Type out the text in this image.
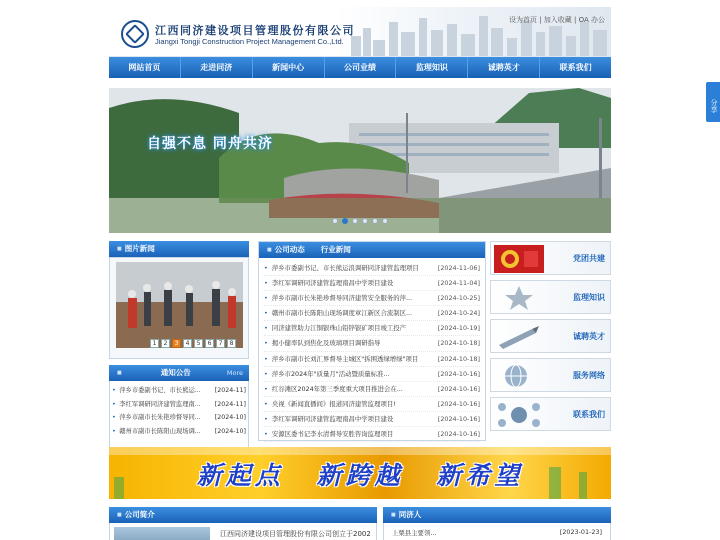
江西同济建设项目管理股份有限公司
Jiangxi Tongji Construction Project Management Co.,Ltd.
设为首页 | 加入收藏 | OA 办公
网站首页	走进同济	新闻中心	公司业绩	监理知识	诚聘英才	联系我们
自强不息 同舟共济
■ 图片新闻
1	2	3	4	5	6	7	8
■ 通知公告	More
• 萍乡市委副书记、市长熊运...	[2024-11]
• 李红军调研同济建管监理南...	[2024-11]
• 萍乡市副市长朱艳珍督导同...	[2024-10]
• 赣州市副市长陈阳山现场调...	[2024-10]
■ 公司动态	行业新闻
• 萍乡市委副书记、市长熊运浪调研同济建管监理项目	[2024-11-06]
• 李红军调研同济建管监理南昌中学项目建设	[2024-11-04]
• 萍乡市副市长朱艳珍督导同济建管安全服务的萍...	[2024-10-25]
• 赣州市副市长陈阳山现场调度章江新区合流制区...	[2024-10-24]
• 同济建管助力江铜银珠山铅锌银矿项目竣工投产	[2024-10-19]
• 揭小健率队到焦化及玻璃项目调研指导	[2024-10-18]
• 萍乡市副市长刘汇界督导主城区"拆围透绿增绿"项目	[2024-10-18]
• 萍乡市2024年"质量月"活动暨质量标准...	[2024-10-16]
• 红谷滩区2024年第三季度重大项目推进会在...	[2024-10-16]
• 央视《新闻直播间》报道同济建管监理项目!	[2024-10-16]
• 李红军调研同济建管监理南昌中学项目建设	[2024-10-16]
• 安源区委书记李水清督导安胜咨询监理项目	[2024-10-16]
党团共建
监理知识
诚聘英才
服务网络
联系我们
新起点 新跨越 新希望
■ 公司简介
江西同济建设项目管理股份有限公司创立于2002
■ 同济人
上栗县主要领...	[2023-01-23]
分享
